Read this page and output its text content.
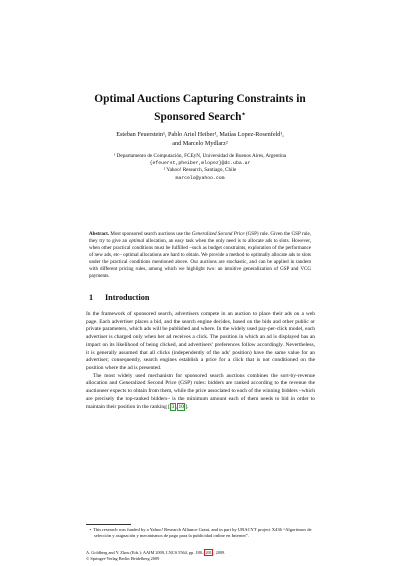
Optimal Auctions Capturing Constraints in
Sponsored Search⋆
Esteban Feuerstein¹, Pablo Ariel Heiber¹, Matías Lopez-Rosenfeld¹,
and Marcelo Mydlarz²
¹ Departamento de Computación, FCEyN, Universidad de Buenos Aires, Argentina
{efeuerst,pheiber,mlopez}@dc.uba.ar
² Yahoo! Research, Santiago, Chile
marcelo@yahoo.com
Abstract. Most sponsored search auctions use the Generalized Second Price (GSP) rule. Given the GSP rule, they try to give an optimal allocation, an easy task when the only need is to allocate ads to slots. However, when other practical conditions must be fulfilled –such as budget constraints, exploration of the performance of new ads, etc– optimal allocations are hard to obtain. We provide a method to optimally allocate ads to slots under the practical conditions mentioned above. Our auctions are stochastic, and can be applied in tandem with different pricing rules, among which we highlight two: an intuitive generalization of GSP and VCG payments.
1 Introduction

In the framework of sponsored search, advertisers compete in an auction to place their ads on a web page. Each advertiser places a bid, and the search engine decides, based on the bids and other public or private parameters, which ads will be published and where. In the widely used pay-per-click model, each advertiser is charged only when her ad receives a click. The position in which an ad is displayed has an impact on its likelihood of being clicked, and advertisers’ preferences follow accordingly. Nevertheless, it is generally assumed that all clicks (independently of the ads’ position) have the same value for an advertiser; consequently, search engines establish a price for a click that is not conditioned on the position where the ad is presented.

The most widely used mechanism for sponsored search auctions combines the sort-by-revenue allocation and Generalized Second Price (GSP) rules: bidders are ranked according to the revenue the auctioneer expects to obtain from them, while the price associated to each of the winning bidders –which are precisely the top-ranked bidders– is the minimum amount each of them needs to bid in order to maintain their position in the ranking [ 3 , 10 ].

⋆ This research was funded by a Yahoo! Research Alliance Grant, and in part by UBACYT project X436 “Algoritmos de selección y asignación y mecanismos de pago para la publicidad online en Internet”.
A. Goldberg and Y. Zhou (Eds.): AAIM 2009, LNCS 5564, pp. 188– 201 , 2009.
© Springer-Verlag Berlin Heidelberg 2009
